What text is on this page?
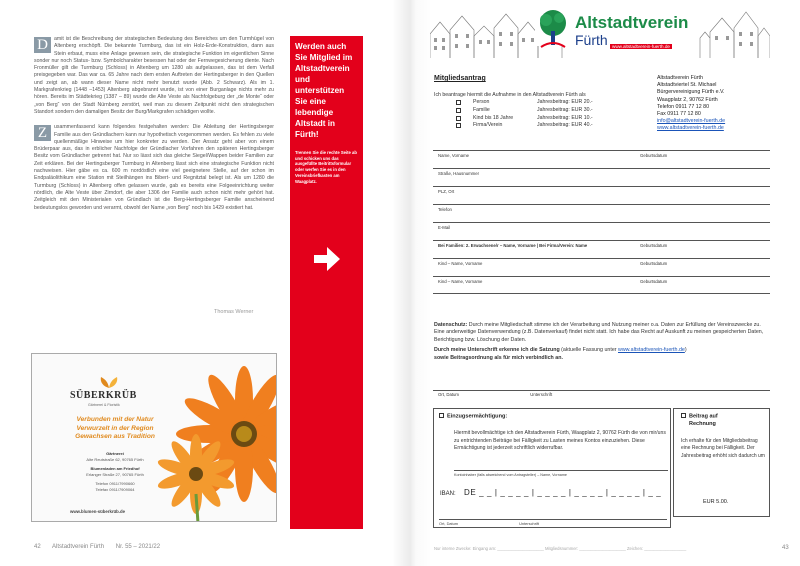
D	amit ist die Beschreibung der strategischen Bedeutung des Bereiches um den Turmhügel von Altenberg erschöpft. Die bekannte Turmburg, das ist ein Holz-Erde-Konstruktion, dann aus Stein erbaut, muss eine Anlage gewesen sein, die strategische Funktion im eigentlichen Sinne sonder nur noch Status- bzw. Symbolcharakter besessen hat oder der Fernwegesicherung diente. Nach Fronmüller gilt die Turmburg (Schloss) in Altenberg um 1280 als aufgelassen, das ist dem Verfall preisgegeben war. Das war ca. 65 Jahre nach dem ersten Auftreten der Hertingsberger in den Quellen und zeigt an, ab wann dieser Name nicht mehr benutzt wurde (Abb. 2 Schwarz). Als im 1. Markgrafenkrieg (1448 –1453) Altenberg abgebrannt wurde, ist von einer Burganlage nichts mehr zu hören. Bereits im Städtekrieg (1387 – 89) wurde die Alte Veste als Nachfolgeburg der „de Monte“ oder „von Berg“ von der Stadt Nürnberg zerstört, weil man zu diesem Zeitpunkt nicht den strategischen Standort sondern den damaligen Besitz der Burg/Markgrafen schädigen wollte.
Z	usammenfassend kann folgendes festgehalten werden: Die Ableitung der Hertingsberger Familie aus den Gründlachern kann nur hypothetisch vorgenommen werden. Es fehlen zu viele quellenmäßige Hinweise um hier konkreter zu werden. Der Ansatz geht aber von einem Brüderpaar aus, das in erblicher Nachfolge der Gründlacher Vorfahren den späteren Hertingsberger Besitz vom Gründlacher getrennt hat. Nur so lässt sich das gleiche Siegel/Wappen beider Familien zur Zeit erklären. Bei der Hertingsberger Turmburg in Altenberg lässt sich eine strategische Funktion nicht nachweisen. Hier gäbe es ca. 600 m nordöstlich eine viel geeignetere Stelle, auf der schon im Endpaläolithikum eine Station mit Steilhängen ins Bibert- und Regnitztal belegt ist. Als um 1280 die Turmburg (Schloss) in Altenberg offen gelassen wurde, gab es bereits eine Folgeeinrichtung weiter nördlich, die Alte Veste über Zirndorf, die aber 1306 der Familie auch schon nicht mehr gehört hat. Zeitgleich mit den Ministerialen von Gründlach ist die Berg-Hertingsberger Familie anscheinend bedeutungslos geworden und verarmt, obwohl der Name „von Berg“ noch bis 1429 existiert hat.
Thomas Werner
SÜBERKRÜB
Gärtnerei & Floristik
Verbunden mit der Natur
Verwurzelt in der Region
Gewachsen aus Tradition
Gärtnerei
Alte Reutstraße 62, 90765 Fürth
Blumenladen am Friedhof
Erlanger Straße 27, 90765 Fürth
Telefon 0911/7990660
Telefax 0911/7909064
www.blumen-süberkrüb.de
Werden auch Sie Mitglied im Altstadtverein und unterstützen Sie eine lebendige Altstadt in Fürth!

Trennen Sie die rechte Seite ab und schicken uns das ausgefüllte Beitrittsformular oder werfen Sie es in den Vereinsbriefkasten am Waagplatz.

42 Altstadtverein Fürth Nr. 55 – 2021/22
Altstadtverein
Fürth www.altstadtverein-fuerth.de
Mitgliedsantrag
Ich beantrage hiermit die Aufnahme in den Altstadtverein Fürth als
Person	Jahresbeitrag: EUR 20.-
Familie	Jahresbeitrag: EUR 30.-
Kind bis 18 Jahre	Jahresbeitrag: EUR 10.-
Firma/Verein	Jahresbeitrag: EUR 40.-
Altstadtverein Fürth
Altstadtviertel St. Michael
Bürgervereinigung Fürth e.V.
Waagplatz 2, 90762 Fürth
Telefon 0911 77 12 80
Fax 0911 77 12 80
info@altstadtverein-fuerth.de
www.altstadtverein-fuerth.de
Name, Vorname	Geburtsdatum
Straße, Hausnummer
PLZ, Ort
Telefon
E-Mail
Bei Familien: 2. Erwachsene/r – Name, Vorname | Bei Firma/Verein: Name	Geburtsdatum
Kind – Name, Vorname	Geburtsdatum
Kind – Name, Vorname	Geburtsdatum
Datenschutz: Durch meine Mitgliedschaft stimme ich der Verarbeitung und Nutzung meiner o.a. Daten zur Erfüllung der Vereinszwecke zu. Eine anderweitige Datenverwendung (z.B. Datenverkauf) findet nicht statt. Ich habe das Recht auf Auskunft zu meinen gespeicherten Daten, Berichtigung bzw. Löschung der Daten.
Durch meine Unterschrift erkenne ich die Satzung (aktuelle Fassung unter www.altstadtverein-fuerth.de)
sowie Beitragsordnung als für mich verbindlich an.
Ort, Datum	Unterschrift
Einzugsermächtigung:
Hiermit bevollmächtige ich den Altstadtverein Fürth, Waagplatz 2, 90762 Fürth die von mir/uns zu entrichtenden Beiträge bei Fälligkeit zu Lasten meines Kontos einzuziehen. Diese Ermächtigung ist jederzeit schriftlich widerrufbar.
Kontoinhaber (falls abweichend vom Antragsteller) – Name, Vorname
IBAN: DE _ _ | _ _ _ _ | _ _ _ _ | _ _ _ _ | _ _ _ _ | _ _
Ort, Datum	Unterschrift
Beitrag auf
Rechnung
Ich erhalte für den Mitgliedsbeitrag eine Rechnung bei Fälligkeit. Der Jahresbeitrag erhöht sich dadurch um
EUR 5.00.
Nur interne Zwecke: Eingang am: ____________________ Mitgliedsnummer: ____________________ Zeichen: __________________	43
